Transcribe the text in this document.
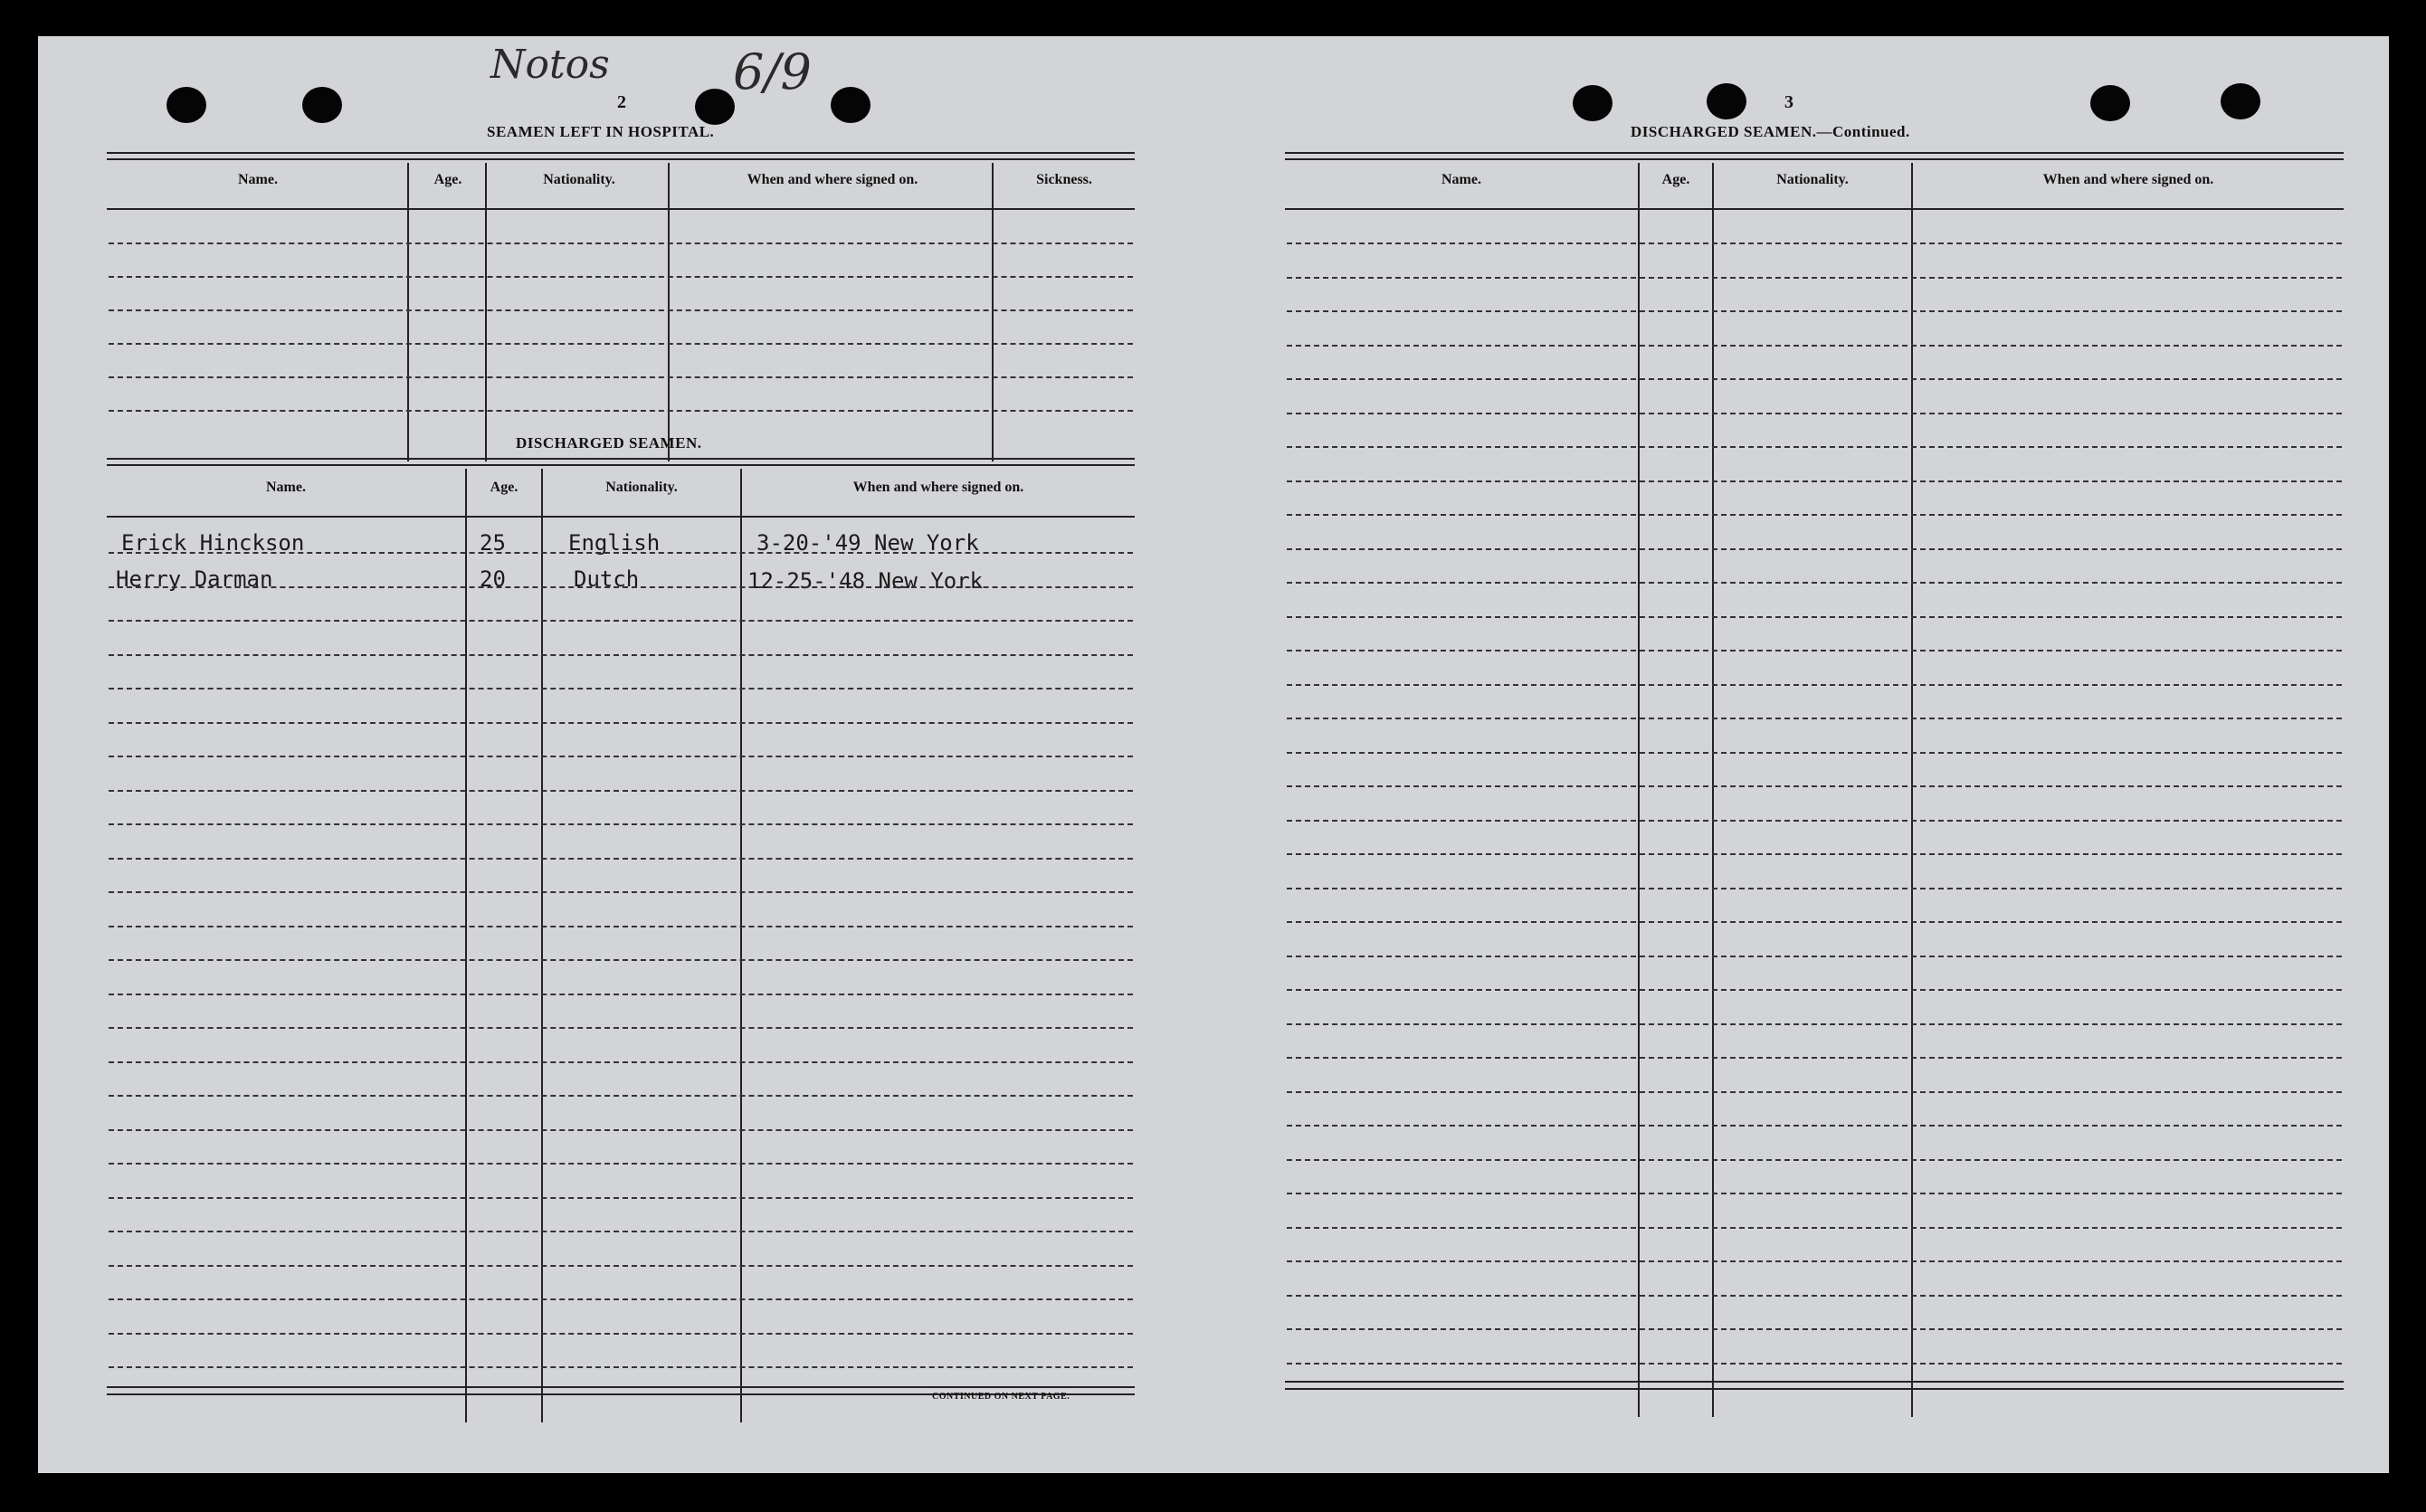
Notos	6/9
2
SEAMEN LEFT IN HOSPITAL.
Name.	Age.	Nationality.	When and where signed on.	Sickness.
DISCHARGED SEAMEN.
Name.	Age.	Nationality.	When and where signed on.
Erick Hinckson	25	English	3-20-'49 New York
Herry Darman	20	Dutch	12-25-'48 New York
CONTINUED ON NEXT PAGE.
3
DISCHARGED SEAMEN.—Continued.
Name.	Age.	Nationality.	When and where signed on.
